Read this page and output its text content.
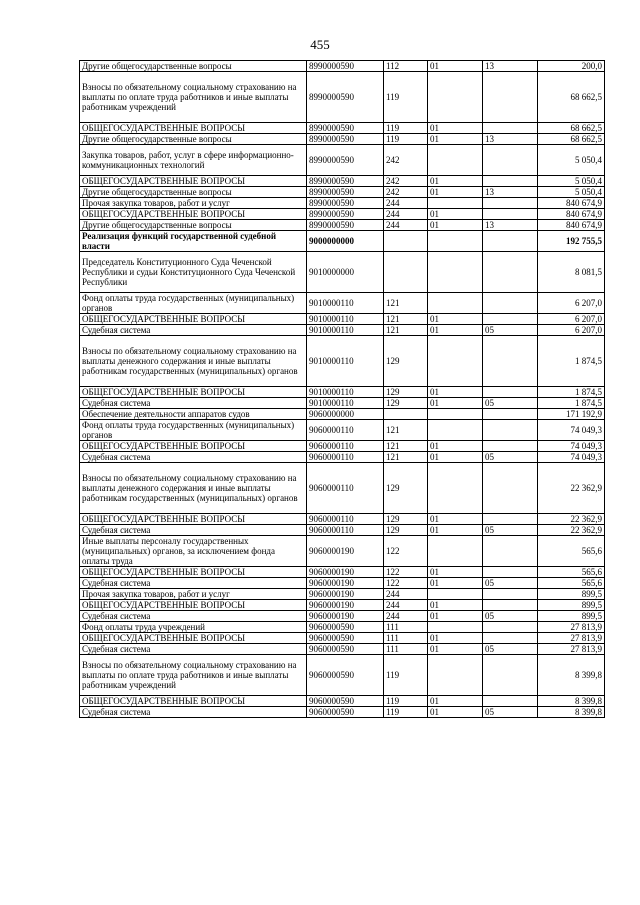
455
Другие общегосударственные вопросы	8990000590	112	01	13	200,0
Взносы по обязательному социальному страхованию на выплаты по оплате труда работников и иные выплаты работникам учреждений	8990000590	119			68 662,5
ОБЩЕГОСУДАРСТВЕННЫЕ ВОПРОСЫ	8990000590	119	01		68 662,5
Другие общегосударственные вопросы	8990000590	119	01	13	68 662,5
Закупка товаров, работ, услуг в сфере информационно-коммуникационных технологий	8990000590	242			5 050,4
ОБЩЕГОСУДАРСТВЕННЫЕ ВОПРОСЫ	8990000590	242	01		5 050,4
Другие общегосударственные вопросы	8990000590	242	01	13	5 050,4
Прочая закупка товаров, работ и услуг	8990000590	244			840 674,9
ОБЩЕГОСУДАРСТВЕННЫЕ ВОПРОСЫ	8990000590	244	01		840 674,9
Другие общегосударственные вопросы	8990000590	244	01	13	840 674,9
Реализация функций государственной судебной власти	9000000000				192 755,5
Председатель Конституционного Суда Чеченской Республики и судьи Конституционного Суда Чеченской Республики	9010000000				8 081,5
Фонд оплаты труда государственных (муниципальных) органов	9010000110	121			6 207,0
ОБЩЕГОСУДАРСТВЕННЫЕ ВОПРОСЫ	9010000110	121	01		6 207,0
Судебная система	9010000110	121	01	05	6 207,0
Взносы по обязательному социальному страхованию на выплаты денежного содержания и иные выплаты работникам государственных (муниципальных) органов	9010000110	129			1 874,5
ОБЩЕГОСУДАРСТВЕННЫЕ ВОПРОСЫ	9010000110	129	01		1 874,5
Судебная система	9010000110	129	01	05	1 874,5
Обеспечение деятельности аппаратов судов	9060000000				171 192,9
Фонд оплаты труда государственных (муниципальных) органов	9060000110	121			74 049,3
ОБЩЕГОСУДАРСТВЕННЫЕ ВОПРОСЫ	9060000110	121	01		74 049,3
Судебная система	9060000110	121	01	05	74 049,3
Взносы по обязательному социальному страхованию на выплаты денежного содержания и иные выплаты работникам государственных (муниципальных) органов	9060000110	129			22 362,9
ОБЩЕГОСУДАРСТВЕННЫЕ ВОПРОСЫ	9060000110	129	01		22 362,9
Судебная система	9060000110	129	01	05	22 362,9
Иные выплаты персоналу государственных (муниципальных) органов, за исключением фонда оплаты труда	9060000190	122			565,6
ОБЩЕГОСУДАРСТВЕННЫЕ ВОПРОСЫ	9060000190	122	01		565,6
Судебная система	9060000190	122	01	05	565,6
Прочая закупка товаров, работ и услуг	9060000190	244			899,5
ОБЩЕГОСУДАРСТВЕННЫЕ ВОПРОСЫ	9060000190	244	01		899,5
Судебная система	9060000190	244	01	05	899,5
Фонд оплаты труда учреждений	9060000590	111			27 813,9
ОБЩЕГОСУДАРСТВЕННЫЕ ВОПРОСЫ	9060000590	111	01		27 813,9
Судебная система	9060000590	111	01	05	27 813,9
Взносы по обязательному социальному страхованию на выплаты по оплате труда работников и иные выплаты работникам учреждений	9060000590	119			8 399,8
ОБЩЕГОСУДАРСТВЕННЫЕ ВОПРОСЫ	9060000590	119	01		8 399,8
Судебная система	9060000590	119	01	05	8 399,8
